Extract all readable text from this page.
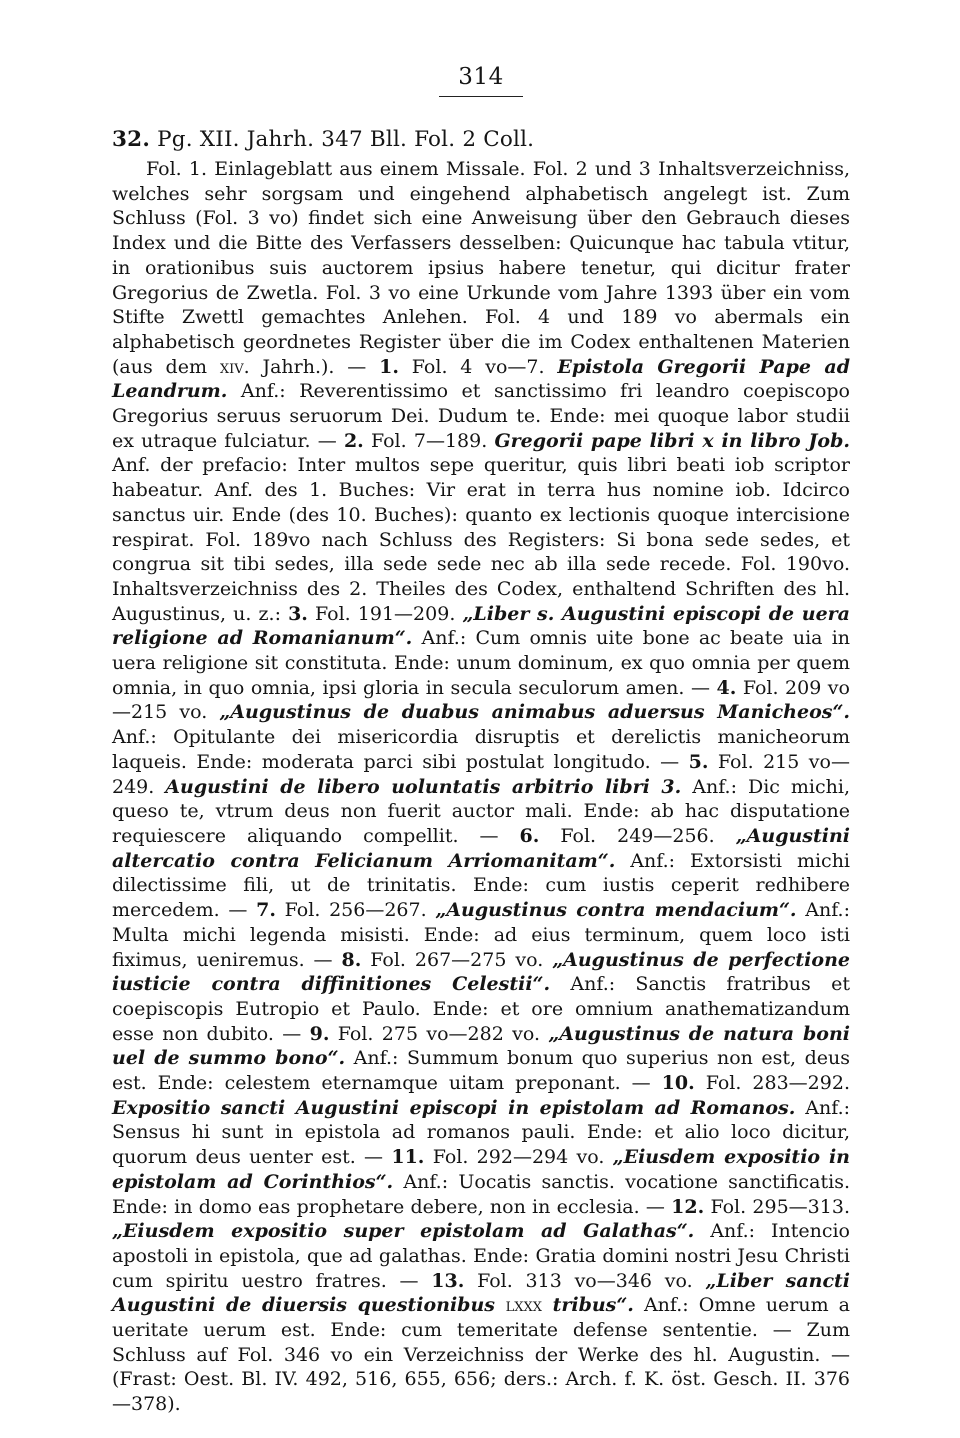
314
32. Pg. XII. Jahrh. 347 Bll. Fol. 2 Coll.

Fol. 1. Einlageblatt aus einem Missale. Fol. 2 und 3 Inhaltsverzeichniss, welches sehr sorgsam und eingehend alphabetisch angelegt ist. Zum Schluss (Fol. 3 vo) findet sich eine Anweisung über den Gebrauch dieses Index und die Bitte des Verfassers desselben: Quicunque hac tabula vtitur, in orationibus suis auctorem ipsius habere tenetur, qui dicitur frater Gregorius de Zwetla. Fol. 3 vo eine Urkunde vom Jahre 1393 über ein vom Stifte Zwettl gemachtes Anlehen. Fol. 4 und 189 vo abermals ein alphabetisch geordnetes Register über die im Codex enthaltenen Materien (aus dem xiv. Jahrh.). — 1. Fol. 4 vo—7. Epistola Gregorii Pape ad Leandrum. Anf.: Reverentissimo et sanctissimo fri leandro coepiscopo Gregorius seruus seruorum Dei. Dudum te. Ende: mei quoque labor studii ex utraque fulciatur. — 2. Fol. 7—189. Gregorii pape libri x in libro Job. Anf. der prefacio: Inter multos sepe queritur, quis libri beati iob scriptor habeatur. Anf. des 1. Buches: Vir erat in terra hus nomine iob. Idcirco sanctus uir. Ende (des 10. Buches): quanto ex lectionis quoque intercisione respirat. Fol. 189vo nach Schluss des Registers: Si bona sede sedes, et congrua sit tibi sedes, illa sede sede nec ab illa sede recede. Fol. 190vo. Inhaltsverzeichniss des 2. Theiles des Codex, enthaltend Schriften des hl. Augustinus, u. z.: 3. Fol. 191—209. „Liber s. Augustini episcopi de uera religione ad Romanianum“. Anf.: Cum omnis uite bone ac beate uia in uera religione sit constituta. Ende: unum dominum, ex quo omnia per quem omnia, in quo omnia, ipsi gloria in secula seculorum amen. — 4. Fol. 209 vo—215 vo. „Augustinus de duabus animabus aduersus Manicheos“. Anf.: Opitulante dei misericordia disruptis et derelictis manicheorum laqueis. Ende: moderata parci sibi postulat longitudo. — 5. Fol. 215 vo—249. Augustini de libero uoluntatis arbitrio libri 3. Anf.: Dic michi, queso te, vtrum deus non fuerit auctor mali. Ende: ab hac disputatione requiescere aliquando compellit. — 6. Fol. 249—256. „Augustini altercatio contra Felicianum Arriomanitam“. Anf.: Extorsisti michi dilectissime fili, ut de trinitatis. Ende: cum iustis ceperit redhibere mercedem. — 7. Fol. 256—267. „Augustinus contra mendacium“. Anf.: Multa michi legenda misisti. Ende: ad eius terminum, quem loco isti fiximus, ueniremus. — 8. Fol. 267—275 vo. „Augustinus de perfectione iusticie contra diffinitiones Celestii“. Anf.: Sanctis fratribus et coepiscopis Eutropio et Paulo. Ende: et ore omnium anathematizandum esse non dubito. — 9. Fol. 275 vo—282 vo. „Augustinus de natura boni uel de summo bono“. Anf.: Summum bonum quo superius non est, deus est. Ende: celestem eternamque uitam preponant. — 10. Fol. 283—292. Expositio sancti Augustini episcopi in epistolam ad Romanos. Anf.: Sensus hi sunt in epistola ad romanos pauli. Ende: et alio loco dicitur, quorum deus uenter est. — 11. Fol. 292—294 vo. „Eiusdem expositio in epistolam ad Corinthios“. Anf.: Uocatis sanctis. vocatione sanctificatis. Ende: in domo eas prophetare debere, non in ecclesia. — 12. Fol. 295—313. „Eiusdem expositio super epistolam ad Galathas“. Anf.: Intencio apostoli in epistola, que ad galathas. Ende: Gratia domini nostri Jesu Christi cum spiritu uestro fratres. — 13. Fol. 313 vo—346 vo. „Liber sancti Augustini de diuersis questionibus lxxx tribus“. Anf.: Omne uerum a ueritate uerum est. Ende: cum temeritate defense sententie. — Zum Schluss auf Fol. 346 vo ein Verzeichniss der Werke des hl. Augustin. — (Frast: Oest. Bl. IV. 492, 516, 655, 656; ders.: Arch. f. K. öst. Gesch. II. 376—378).
